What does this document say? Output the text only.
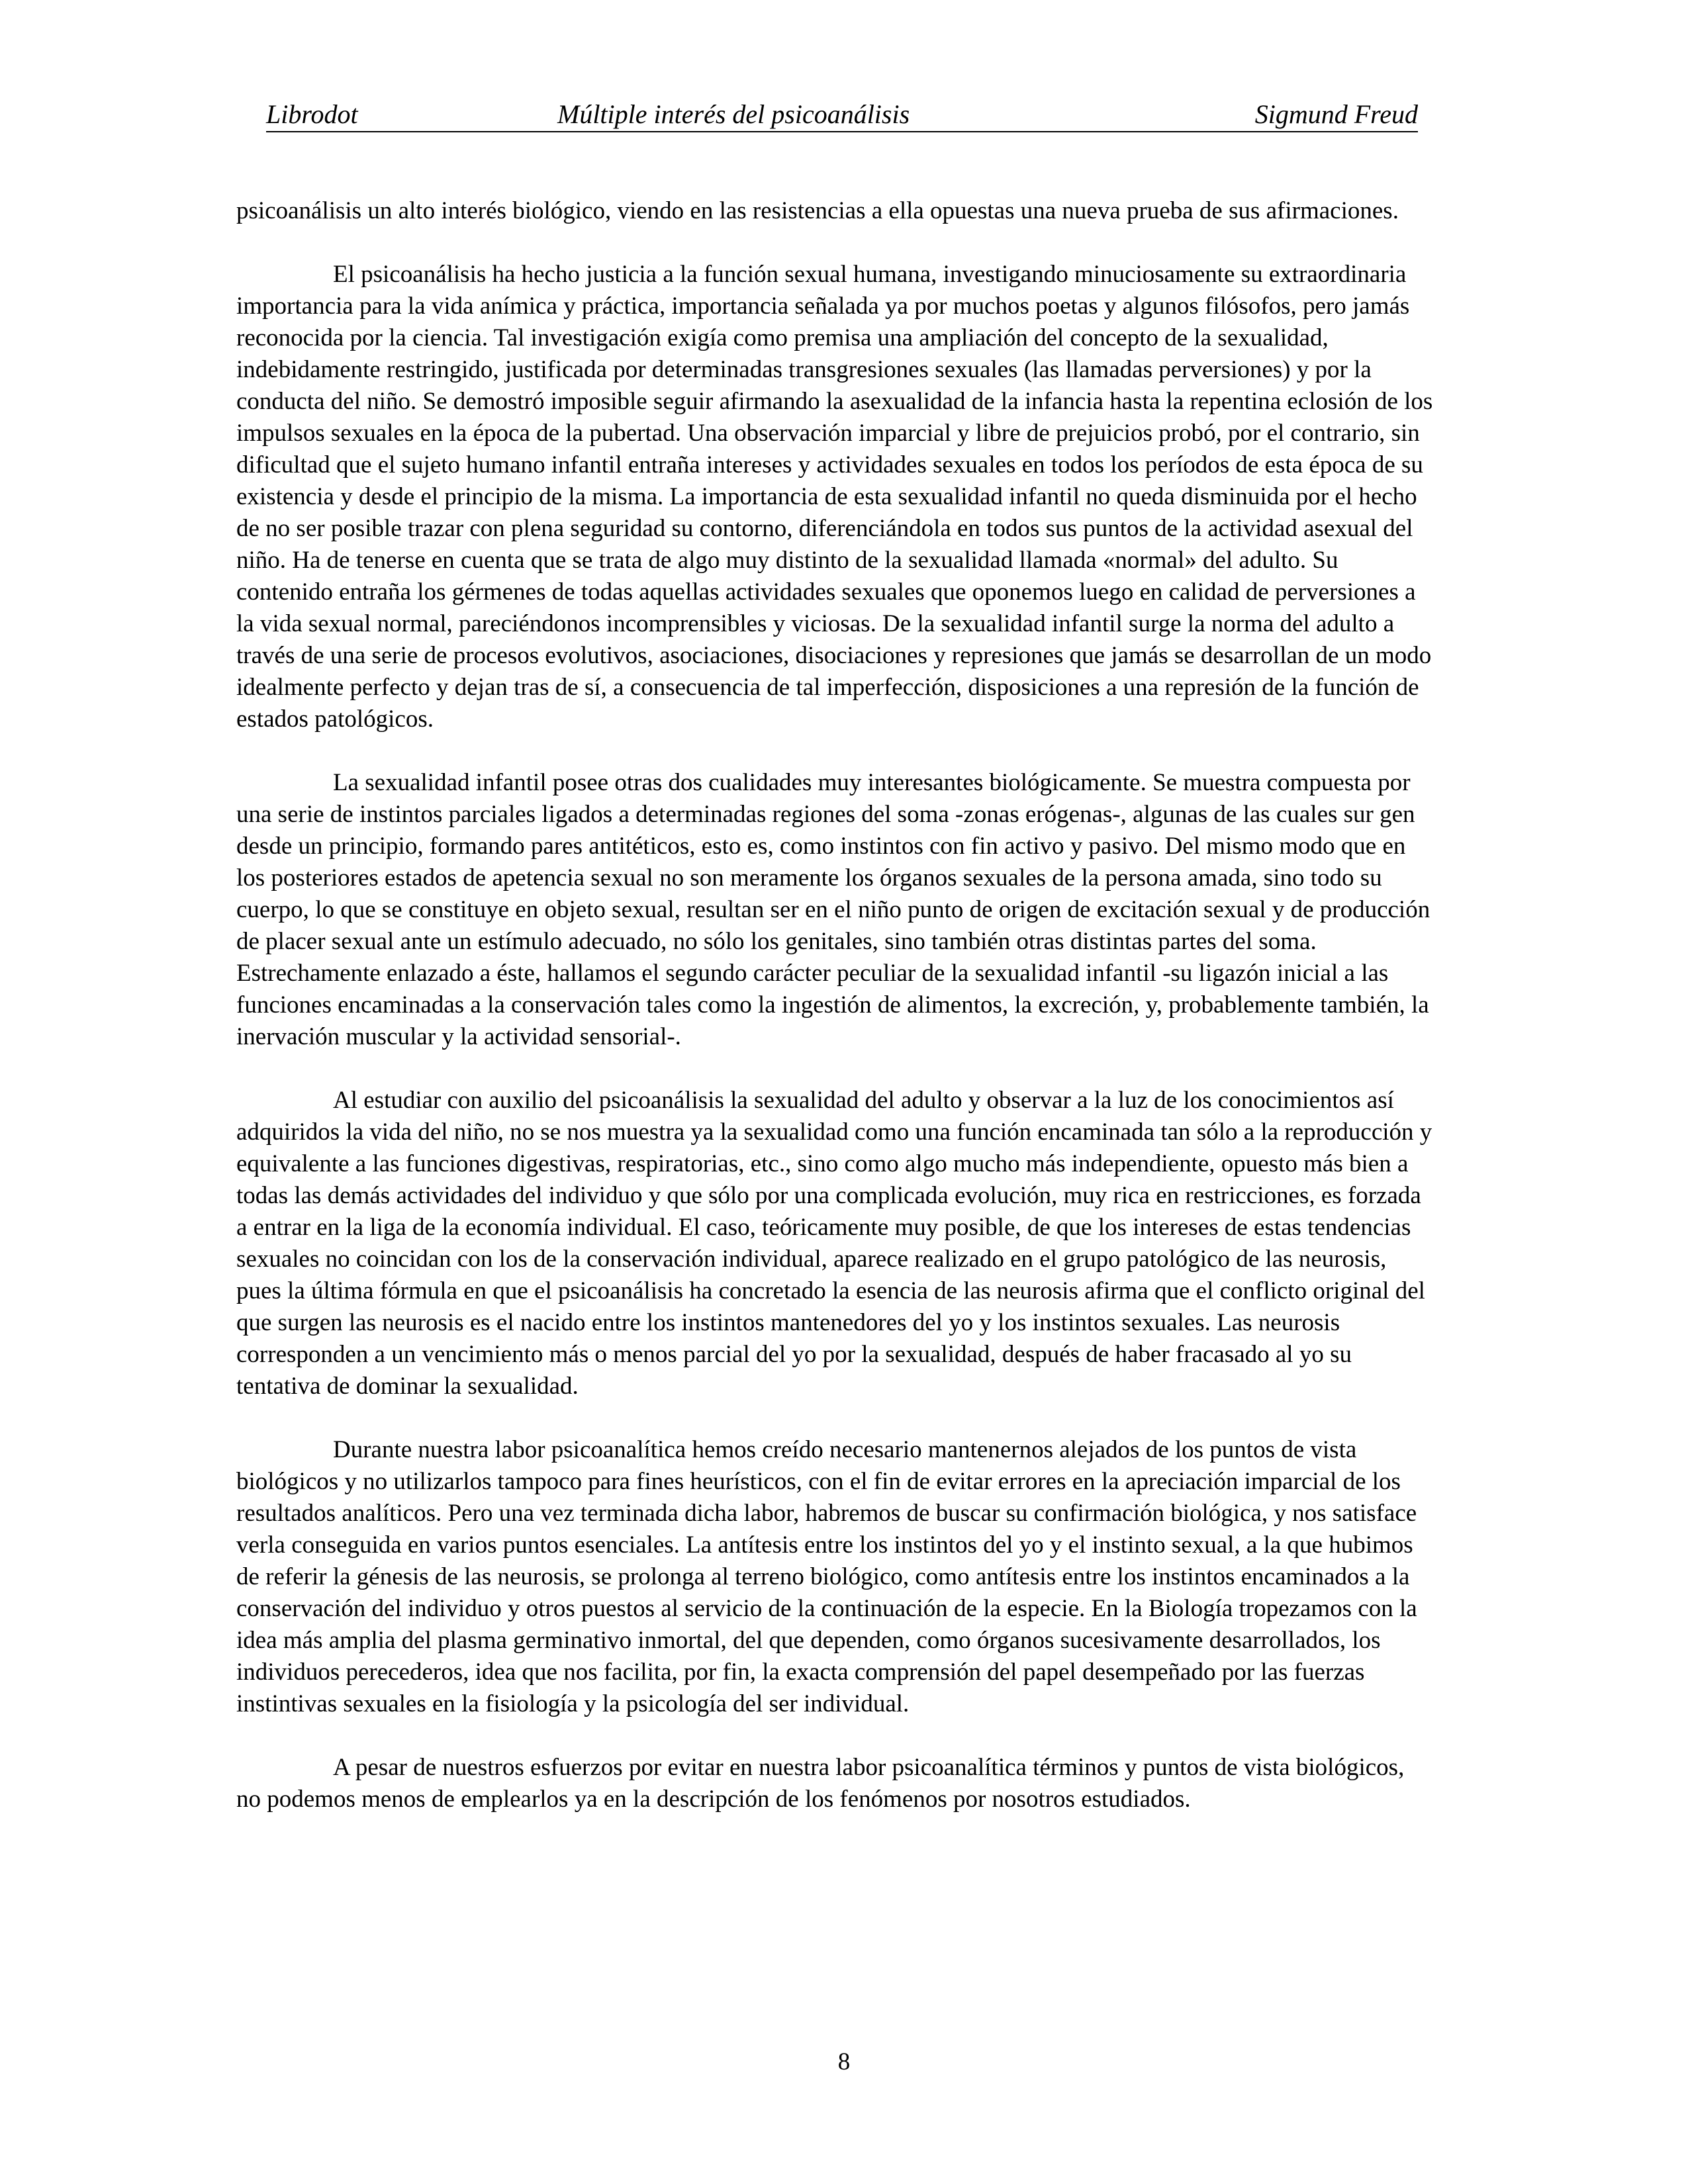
Librodot	Múltiple interés del psicoanálisis	Sigmund Freud

psicoanálisis un alto interés biológico, viendo en las resistencias a ella opuestas una nueva prueba de sus afirmaciones.

El psicoanálisis ha hecho justicia a la función sexual humana, investigando minuciosamente su extraordinaria importancia para la vida anímica y práctica, importancia señalada ya por muchos poetas y algunos filósofos, pero jamás reconocida por la ciencia. Tal investigación exigía como premisa una ampliación del concepto de la sexualidad, indebidamente restringido, justificada por determinadas transgresiones sexuales (las llamadas perversiones) y por la conducta del niño. Se demostró imposible seguir afirmando la asexualidad de la infancia hasta la repentina eclosión de los impulsos sexuales en la época de la pubertad. Una observación imparcial y libre de prejuicios probó, por el contrario, sin dificultad que el sujeto humano infantil entraña intereses y actividades sexuales en todos los períodos de esta época de su existencia y desde el principio de la misma. La importancia de esta sexualidad infantil no queda disminuida por el hecho de no ser posible trazar con plena seguridad su contorno, diferenciándola en todos sus puntos de la actividad asexual del niño. Ha de tenerse en cuenta que se trata de algo muy distinto de la sexualidad llamada «normal» del adulto. Su contenido entraña los gérmenes de todas aquellas actividades sexuales que oponemos luego en calidad de perversiones a la vida sexual normal, pareciéndonos incomprensibles y viciosas. De la sexualidad infantil surge la norma del adulto a través de una serie de procesos evolutivos, asociaciones, disociaciones y represiones que jamás se desarrollan de un modo idealmente perfecto y dejan tras de sí, a consecuencia de tal imperfección, disposiciones a una represión de la función de estados patológicos.

La sexualidad infantil posee otras dos cualidades muy interesantes biológicamente. Se muestra compuesta por una serie de instintos parciales ligados a determinadas regiones del soma -zonas erógenas-, algunas de las cuales sur gen desde un principio, formando pares antitéticos, esto es, como instintos con fin activo y pasivo. Del mismo modo que en los posteriores estados de apetencia sexual no son meramente los órganos sexuales de la persona amada, sino todo su cuerpo, lo que se constituye en objeto sexual, resultan ser en el niño punto de origen de excitación sexual y de producción de placer sexual ante un estímulo adecuado, no sólo los genitales, sino también otras distintas partes del soma. Estrechamente enlazado a éste, hallamos el segundo carácter peculiar de la sexualidad infantil -su ligazón inicial a las funciones encaminadas a la conservación tales como la ingestión de alimentos, la excreción, y, probablemente también, la inervación muscular y la actividad sensorial-.

Al estudiar con auxilio del psicoanálisis la sexualidad del adulto y observar a la luz de los conocimientos así adquiridos la vida del niño, no se nos muestra ya la sexualidad como una función encaminada tan sólo a la reproducción y equivalente a las funciones digestivas, respiratorias, etc., sino como algo mucho más independiente, opuesto más bien a todas las demás actividades del individuo y que sólo por una complicada evolución, muy rica en restricciones, es forzada a entrar en la liga de la economía individual. El caso, teóricamente muy posible, de que los intereses de estas tendencias sexuales no coincidan con los de la conservación individual, aparece realizado en el grupo patológico de las neurosis, pues la última fórmula en que el psicoanálisis ha concretado la esencia de las neurosis afirma que el conflicto original del que surgen las neurosis es el nacido entre los instintos mantenedores del yo y los instintos sexuales. Las neurosis corresponden a un vencimiento más o menos parcial del yo por la sexualidad, después de haber fracasado al yo su tentativa de dominar la sexualidad.

Durante nuestra labor psicoanalítica hemos creído necesario mantenernos alejados de los puntos de vista biológicos y no utilizarlos tampoco para fines heurísticos, con el fin de evitar errores en la apreciación imparcial de los resultados analíticos. Pero una vez terminada dicha labor, habremos de buscar su confirmación biológica, y nos satisface verla conseguida en varios puntos esenciales. La antítesis entre los instintos del yo y el instinto sexual, a la que hubimos de referir la génesis de las neurosis, se prolonga al terreno biológico, como antítesis entre los instintos encaminados a la conservación del individuo y otros puestos al servicio de la continuación de la especie. En la Biología tropezamos con la idea más amplia del plasma germinativo inmortal, del que dependen, como órganos sucesivamente desarrollados, los individuos perecederos, idea que nos facilita, por fin, la exacta comprensión del papel desempeñado por las fuerzas instintivas sexuales en la fisiología y la psicología del ser individual.

A pesar de nuestros esfuerzos por evitar en nuestra labor psicoanalítica términos y puntos de vista biológicos, no podemos menos de emplearlos ya en la descripción de los fenómenos por nosotros estudiados.

8
